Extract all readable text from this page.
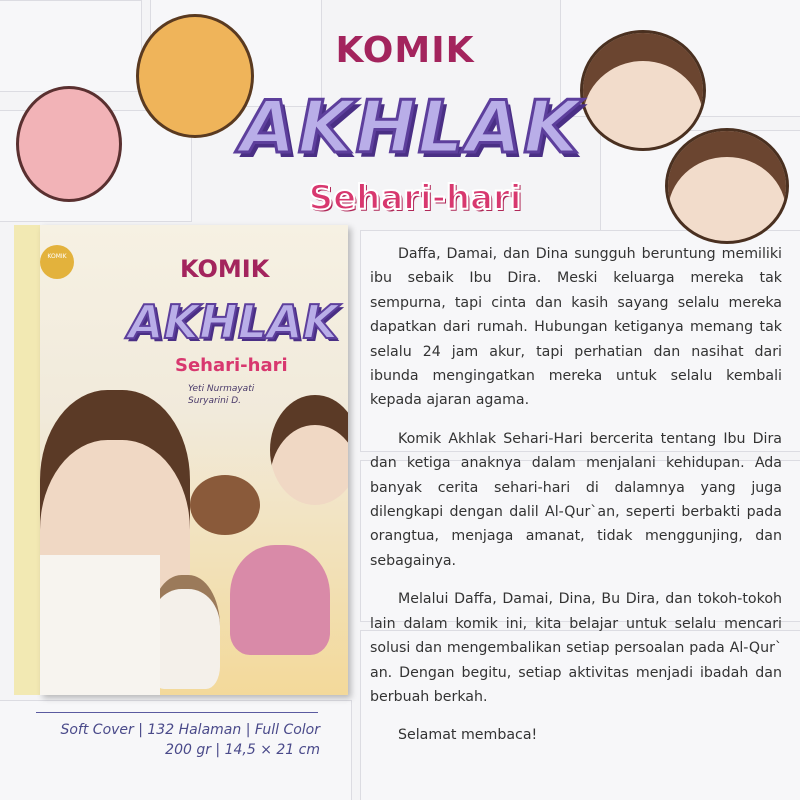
KOMIK
AKHLAK
Sehari-hari
KOMIK	KOMIK
AKHLAK
Sehari-hari
Yeti Nurmayati
Suryarini D.
Soft Cover | 132 Halaman | Full Color
200 gr | 14,5 × 21 cm

Daffa, Damai, dan Dina sungguh beruntung memiliki ibu sebaik Ibu Dira. Meski keluarga mereka tak sempurna, tapi cinta dan kasih sayang selalu mereka dapatkan dari rumah. Hubungan ketiganya memang tak selalu 24 jam akur, tapi perhatian dan nasihat dari ibunda mengingatkan mereka untuk selalu kembali kepada ajaran agama.

Komik Akhlak Sehari-Hari bercerita tentang Ibu Dira dan ketiga anaknya dalam menjalani kehidupan. Ada banyak cerita sehari-hari di dalamnya yang juga dilengkapi dengan dalil Al-Qur`an, seperti berbakti pada orangtua, menjaga amanat, tidak menggunjing, dan sebagainya.

Melalui Daffa, Damai, Dina, Bu Dira, dan tokoh-tokoh lain dalam komik ini, kita belajar untuk selalu mencari solusi dan mengembalikan setiap persoalan pada Al-Qur` an. Dengan begitu, setiap aktivitas menjadi ibadah dan berbuah berkah.

Selamat membaca!
